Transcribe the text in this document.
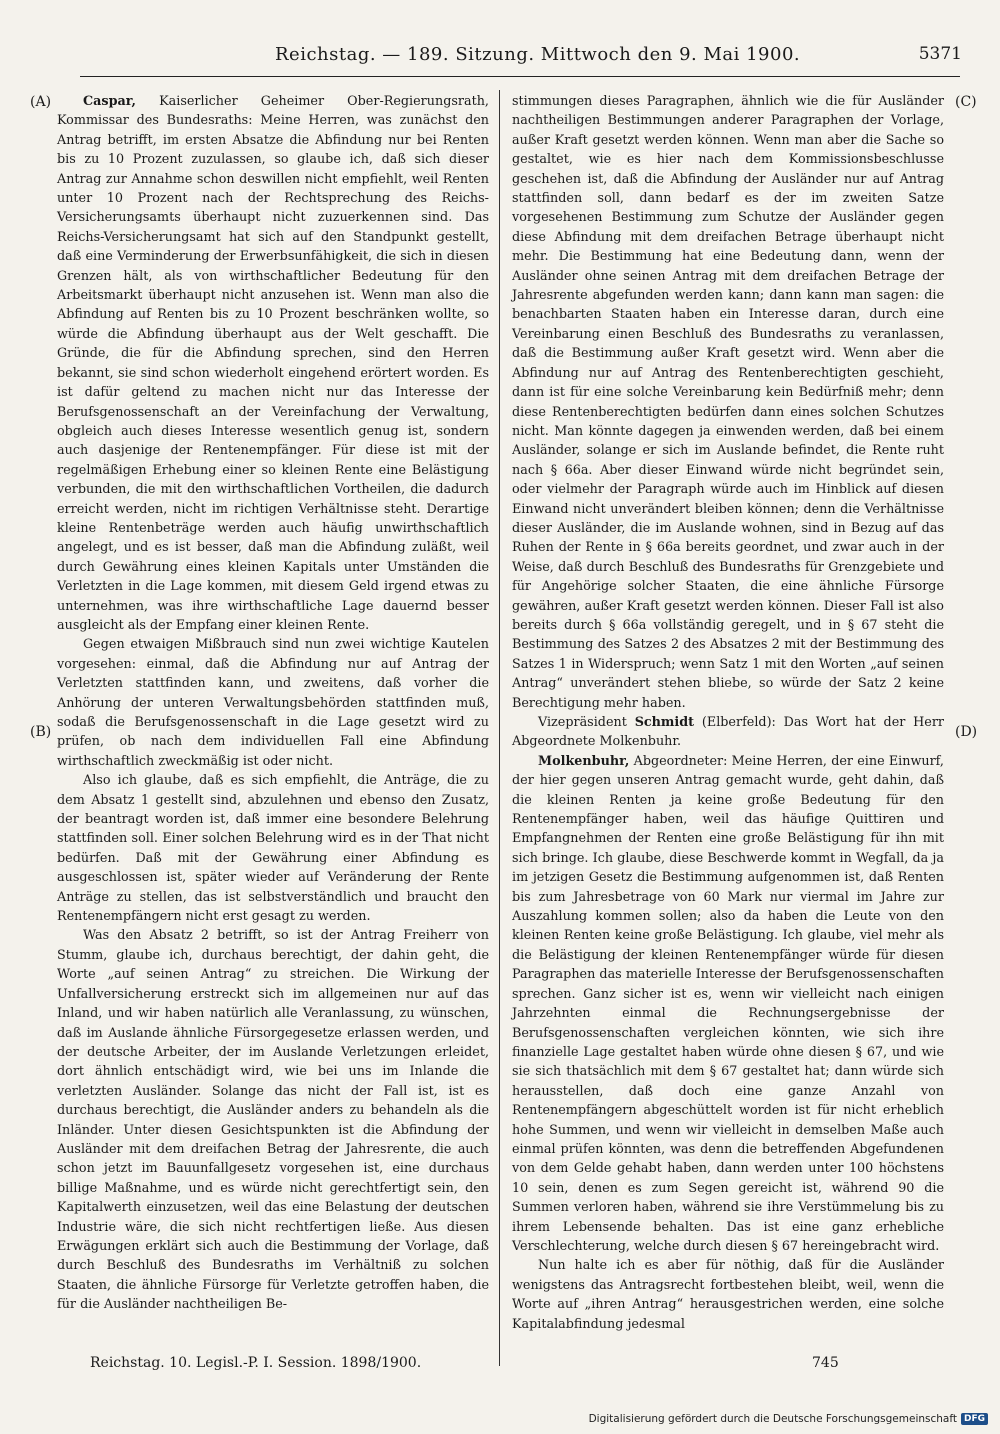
Reichstag. — 189. Sitzung. Mittwoch den 9. Mai 1900.	5371
(A)
(B)
(C)
(D)

Caspar, Kaiserlicher Geheimer Ober-Regierungsrath, Kommissar des Bundesraths: Meine Herren, was zunächst den Antrag betrifft, im ersten Absatze die Abfindung nur bei Renten bis zu 10 Prozent zuzulassen, so glaube ich, daß sich dieser Antrag zur Annahme schon deswillen nicht empfiehlt, weil Renten unter 10 Prozent nach der Rechtsprechung des Reichs-Versicherungsamts überhaupt nicht zuzuerkennen sind. Das Reichs-Versicherungsamt hat sich auf den Standpunkt gestellt, daß eine Verminderung der Erwerbsunfähigkeit, die sich in diesen Grenzen hält, als von wirthschaftlicher Bedeutung für den Arbeitsmarkt überhaupt nicht anzusehen ist. Wenn man also die Abfindung auf Renten bis zu 10 Prozent beschränken wollte, so würde die Abfindung überhaupt aus der Welt geschafft. Die Gründe, die für die Abfindung sprechen, sind den Herren bekannt, sie sind schon wiederholt eingehend erörtert worden. Es ist dafür geltend zu machen nicht nur das Interesse der Berufsgenossenschaft an der Vereinfachung der Verwaltung, obgleich auch dieses Interesse wesentlich genug ist, sondern auch dasjenige der Rentenempfänger. Für diese ist mit der regelmäßigen Erhebung einer so kleinen Rente eine Belästigung verbunden, die mit den wirthschaftlichen Vortheilen, die dadurch erreicht werden, nicht im richtigen Verhältnisse steht. Derartige kleine Rentenbeträge werden auch häufig unwirthschaftlich angelegt, und es ist besser, daß man die Abfindung zuläßt, weil durch Gewährung eines kleinen Kapitals unter Umständen die Verletzten in die Lage kommen, mit diesem Geld irgend etwas zu unternehmen, was ihre wirthschaftliche Lage dauernd besser ausgleicht als der Empfang einer kleinen Rente.

Gegen etwaigen Mißbrauch sind nun zwei wichtige Kautelen vorgesehen: einmal, daß die Abfindung nur auf Antrag der Verletzten stattfinden kann, und zweitens, daß vorher die Anhörung der unteren Verwaltungsbehörden stattfinden muß, sodaß die Berufsgenossenschaft in die Lage gesetzt wird zu prüfen, ob nach dem individuellen Fall eine Abfindung wirthschaftlich zweckmäßig ist oder nicht.

Also ich glaube, daß es sich empfiehlt, die Anträge, die zu dem Absatz 1 gestellt sind, abzulehnen und ebenso den Zusatz, der beantragt worden ist, daß immer eine besondere Belehrung stattfinden soll. Einer solchen Belehrung wird es in der That nicht bedürfen. Daß mit der Gewährung einer Abfindung es ausgeschlossen ist, später wieder auf Veränderung der Rente Anträge zu stellen, das ist selbstverständlich und braucht den Rentenempfängern nicht erst gesagt zu werden.

Was den Absatz 2 betrifft, so ist der Antrag Freiherr von Stumm, glaube ich, durchaus berechtigt, der dahin geht, die Worte „auf seinen Antrag“ zu streichen. Die Wirkung der Unfallversicherung erstreckt sich im allgemeinen nur auf das Inland, und wir haben natürlich alle Veranlassung, zu wünschen, daß im Auslande ähnliche Fürsorgegesetze erlassen werden, und der deutsche Arbeiter, der im Auslande Verletzungen erleidet, dort ähnlich entschädigt wird, wie bei uns im Inlande die verletzten Ausländer. Solange das nicht der Fall ist, ist es durchaus berechtigt, die Ausländer anders zu behandeln als die Inländer. Unter diesen Gesichtspunkten ist die Abfindung der Ausländer mit dem dreifachen Betrag der Jahresrente, die auch schon jetzt im Bauunfallgesetz vorgesehen ist, eine durchaus billige Maßnahme, und es würde nicht gerechtfertigt sein, den Kapitalwerth einzusetzen, weil das eine Belastung der deutschen Industrie wäre, die sich nicht rechtfertigen ließe. Aus diesen Erwägungen erklärt sich auch die Bestimmung der Vorlage, daß durch Beschluß des Bundesraths im Verhältniß zu solchen Staaten, die ähnliche Fürsorge für Verletzte getroffen haben, die für die Ausländer nachtheiligen Be-

stimmungen dieses Paragraphen, ähnlich wie die für Ausländer nachtheiligen Bestimmungen anderer Paragraphen der Vorlage, außer Kraft gesetzt werden können. Wenn man aber die Sache so gestaltet, wie es hier nach dem Kommissionsbeschlusse geschehen ist, daß die Abfindung der Ausländer nur auf Antrag stattfinden soll, dann bedarf es der im zweiten Satze vorgesehenen Bestimmung zum Schutze der Ausländer gegen diese Abfindung mit dem dreifachen Betrage überhaupt nicht mehr. Die Bestimmung hat eine Bedeutung dann, wenn der Ausländer ohne seinen Antrag mit dem dreifachen Betrage der Jahresrente abgefunden werden kann; dann kann man sagen: die benachbarten Staaten haben ein Interesse daran, durch eine Vereinbarung einen Beschluß des Bundesraths zu veranlassen, daß die Bestimmung außer Kraft gesetzt wird. Wenn aber die Abfindung nur auf Antrag des Rentenberechtigten geschieht, dann ist für eine solche Vereinbarung kein Bedürfniß mehr; denn diese Rentenberechtigten bedürfen dann eines solchen Schutzes nicht. Man könnte dagegen ja einwenden werden, daß bei einem Ausländer, solange er sich im Auslande befindet, die Rente ruht nach § 66a. Aber dieser Einwand würde nicht begründet sein, oder vielmehr der Paragraph würde auch im Hinblick auf diesen Einwand nicht unverändert bleiben können; denn die Verhältnisse dieser Ausländer, die im Auslande wohnen, sind in Bezug auf das Ruhen der Rente in § 66a bereits geordnet, und zwar auch in der Weise, daß durch Beschluß des Bundesraths für Grenzgebiete und für Angehörige solcher Staaten, die eine ähnliche Fürsorge gewähren, außer Kraft gesetzt werden können. Dieser Fall ist also bereits durch § 66a vollständig geregelt, und in § 67 steht die Bestimmung des Satzes 2 des Absatzes 2 mit der Bestimmung des Satzes 1 in Widerspruch; wenn Satz 1 mit den Worten „auf seinen Antrag“ unverändert stehen bliebe, so würde der Satz 2 keine Berechtigung mehr haben.

Vizepräsident Schmidt (Elberfeld): Das Wort hat der Herr Abgeordnete Molkenbuhr.

Molkenbuhr, Abgeordneter: Meine Herren, der eine Einwurf, der hier gegen unseren Antrag gemacht wurde, geht dahin, daß die kleinen Renten ja keine große Bedeutung für den Rentenempfänger haben, weil das häufige Quittiren und Empfangnehmen der Renten eine große Belästigung für ihn mit sich bringe. Ich glaube, diese Beschwerde kommt in Wegfall, da ja im jetzigen Gesetz die Bestimmung aufgenommen ist, daß Renten bis zum Jahresbetrage von 60 Mark nur viermal im Jahre zur Auszahlung kommen sollen; also da haben die Leute von den kleinen Renten keine große Belästigung. Ich glaube, viel mehr als die Belästigung der kleinen Rentenempfänger würde für diesen Paragraphen das materielle Interesse der Berufsgenossenschaften sprechen. Ganz sicher ist es, wenn wir vielleicht nach einigen Jahrzehnten einmal die Rechnungsergebnisse der Berufsgenossenschaften vergleichen könnten, wie sich ihre finanzielle Lage gestaltet haben würde ohne diesen § 67, und wie sie sich thatsächlich mit dem § 67 gestaltet hat; dann würde sich herausstellen, daß doch eine ganze Anzahl von Rentenempfängern abgeschüttelt worden ist für nicht erheblich hohe Summen, und wenn wir vielleicht in demselben Maße auch einmal prüfen könnten, was denn die betreffenden Abgefundenen von dem Gelde gehabt haben, dann werden unter 100 höchstens 10 sein, denen es zum Segen gereicht ist, während 90 die Summen verloren haben, während sie ihre Verstümmelung bis zu ihrem Lebensende behalten. Das ist eine ganz erhebliche Verschlechterung, welche durch diesen § 67 hereingebracht wird.

Nun halte ich es aber für nöthig, daß für die Ausländer wenigstens das Antragsrecht fortbestehen bleibt, weil, wenn die Worte auf „ihren Antrag“ herausgestrichen werden, eine solche Kapitalabfindung jedesmal

Reichstag. 10. Legisl.-P. I. Session. 1898/1900.	745
Digitalisierung gefördert durch die Deutsche Forschungsgemeinschaft DFG
